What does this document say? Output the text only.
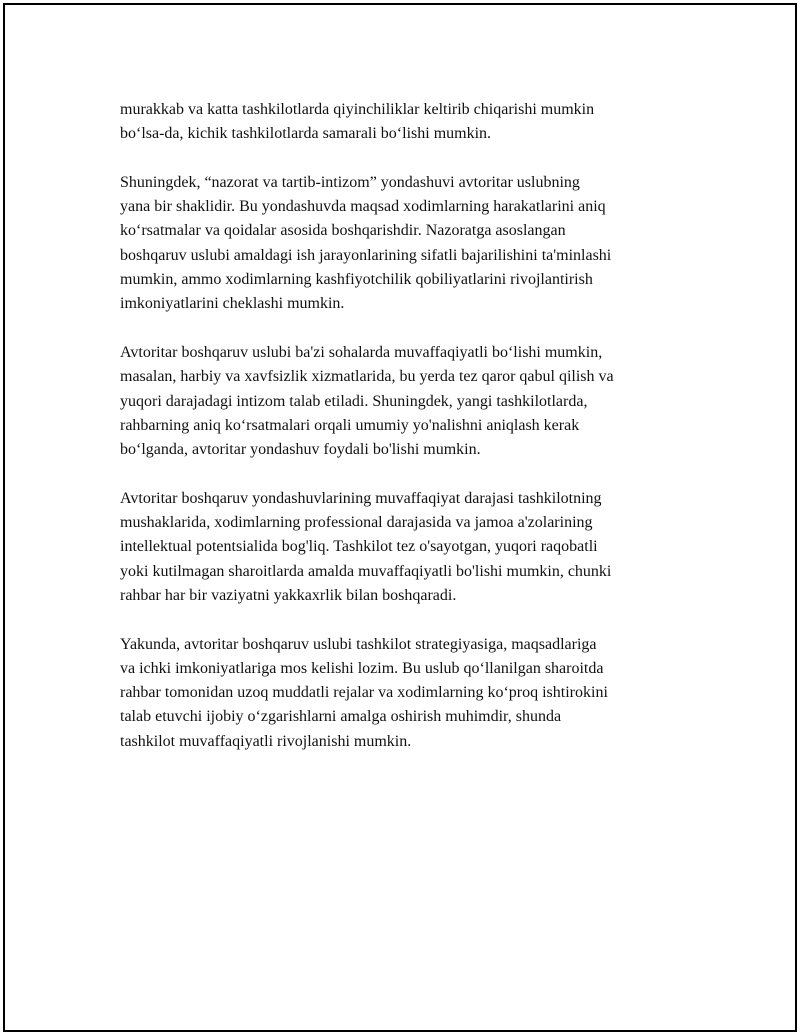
murakkab va katta tashkilotlarda qiyinchiliklar keltirib chiqarishi mumkin
bo‘lsa-da, kichik tashkilotlarda samarali bo‘lishi mumkin.

Shuningdek, “nazorat va tartib-intizom” yondashuvi avtoritar uslubning
yana bir shaklidir. Bu yondashuvda maqsad xodimlarning harakatlarini aniq
ko‘rsatmalar va qoidalar asosida boshqarishdir. Nazoratga asoslangan
boshqaruv uslubi amaldagi ish jarayonlarining sifatli bajarilishini ta'minlashi
mumkin, ammo xodimlarning kashfiyotchilik qobiliyatlarini rivojlantirish
imkoniyatlarini cheklashi mumkin.

Avtoritar boshqaruv uslubi ba'zi sohalarda muvaffaqiyatli bo‘lishi mumkin,
masalan, harbiy va xavfsizlik xizmatlarida, bu yerda tez qaror qabul qilish va
yuqori darajadagi intizom talab etiladi. Shuningdek, yangi tashkilotlarda,
rahbarning aniq ko‘rsatmalari orqali umumiy yo'nalishni aniqlash kerak
bo‘lganda, avtoritar yondashuv foydali bo'lishi mumkin.

Avtoritar boshqaruv yondashuvlarining muvaffaqiyat darajasi tashkilotning
mushaklarida, xodimlarning professional darajasida va jamoa a'zolarining
intellektual potentsialida bog'liq. Tashkilot tez o'sayotgan, yuqori raqobatli
yoki kutilmagan sharoitlarda amalda muvaffaqiyatli bo'lishi mumkin, chunki
rahbar har bir vaziyatni yakkaxrlik bilan boshqaradi.

Yakunda, avtoritar boshqaruv uslubi tashkilot strategiyasiga, maqsadlariga
va ichki imkoniyatlariga mos kelishi lozim. Bu uslub qo‘llanilgan sharoitda
rahbar tomonidan uzoq muddatli rejalar va xodimlarning ko‘proq ishtirokini
talab etuvchi ijobiy o‘zgarishlarni amalga oshirish muhimdir, shunda
tashkilot muvaffaqiyatli rivojlanishi mumkin.
